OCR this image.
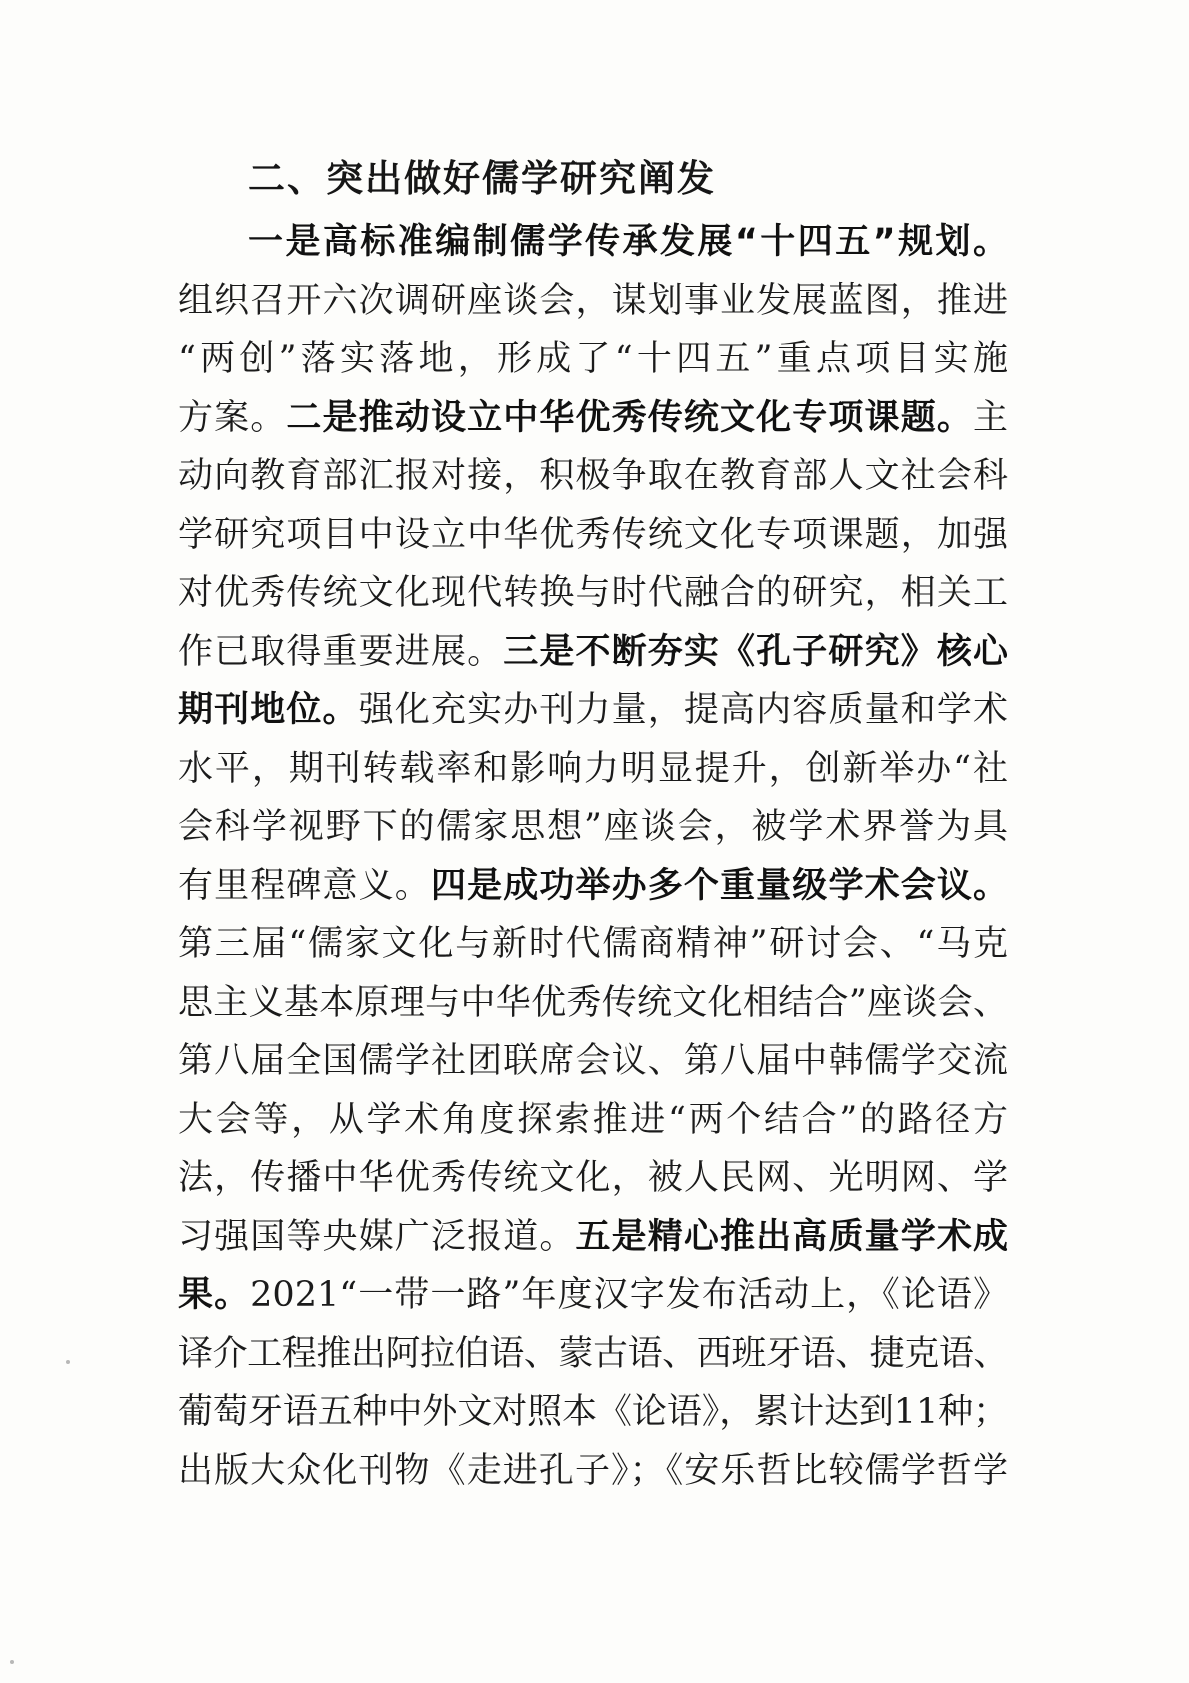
二、突出做好儒学研究阐发
一是高标准编制儒学传承发展“十四五”规划。
组织召开六次调研座谈会，谋划事业发展蓝图，推进
“两创”落实落地，形成了“十四五”重点项目实施
方案。二是推动设立中华优秀传统文化专项课题。主
动向教育部汇报对接，积极争取在教育部人文社会科
学研究项目中设立中华优秀传统文化专项课题，加强
对优秀传统文化现代转换与时代融合的研究，相关工
作已取得重要进展。三是不断夯实《孔子研究》核心
期刊地位。强化充实办刊力量，提高内容质量和学术
水平，期刊转载率和影响力明显提升，创新举办“社
会科学视野下的儒家思想”座谈会，被学术界誉为具
有里程碑意义。四是成功举办多个重量级学术会议。
第三届“儒家文化与新时代儒商精神”研讨会、“马克
思主义基本原理与中华优秀传统文化相结合”座谈会、
第八届全国儒学社团联席会议、第八届中韩儒学交流
大会等，从学术角度探索推进“两个结合”的路径方
法，传播中华优秀传统文化，被人民网、光明网、学
习强国等央媒广泛报道。五是精心推出高质量学术成
果。2021“一带一路”年度汉字发布活动上，《论语》
译介工程推出阿拉伯语、蒙古语、西班牙语、捷克语、
葡萄牙语五种中外文对照本《论语》，累计达到11种；
出版大众化刊物《走进孔子》；《安乐哲比较儒学哲学
